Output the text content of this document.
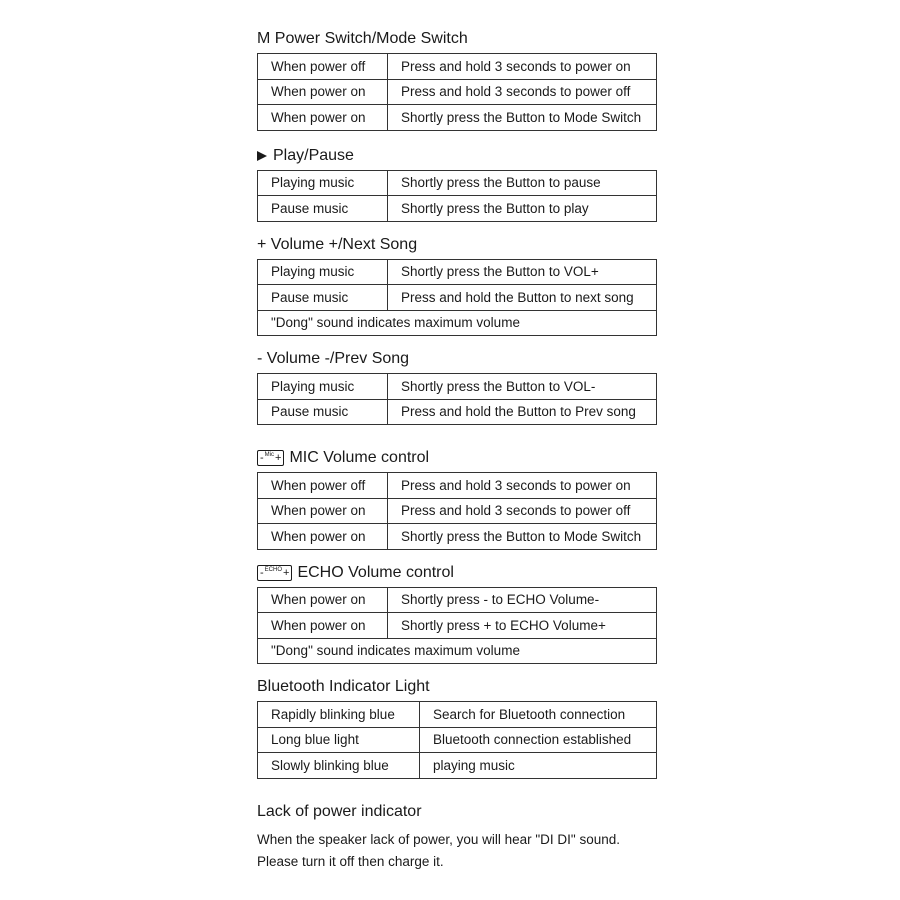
M Power Switch/Mode Switch
When power off	Press and hold 3 seconds to power on
When power on	Press and hold 3 seconds to power off
When power on	Shortly press the Button to Mode Switch
Play/Pause
Playing music	Shortly press the Button to pause
Pause music	Shortly press the Button to play
+ Volume +/Next Song
Playing music	Shortly press the Button to VOL+
Pause music	Press and hold the Button to next song
"Dong" sound indicates maximum volume	
- Volume -/Prev Song
Playing music	Shortly press the Button to VOL-
Pause music	Press and hold the Button to Prev song
- Mic + MIC Volume control
When power off	Press and hold 3 seconds to power on
When power on	Press and hold 3 seconds to power off
When power on	Shortly press the Button to Mode Switch
- ECHO + ECHO Volume control
When power on	Shortly press - to ECHO Volume-
When power on	Shortly press + to ECHO Volume+
"Dong" sound indicates maximum volume	
Bluetooth Indicator Light
Rapidly blinking blue	Search for Bluetooth connection
Long blue light	Bluetooth connection established
Slowly blinking blue	playing music
Lack of power indicator
When the speaker lack of power, you will hear "DI DI" sound.
Please turn it off then charge it.
